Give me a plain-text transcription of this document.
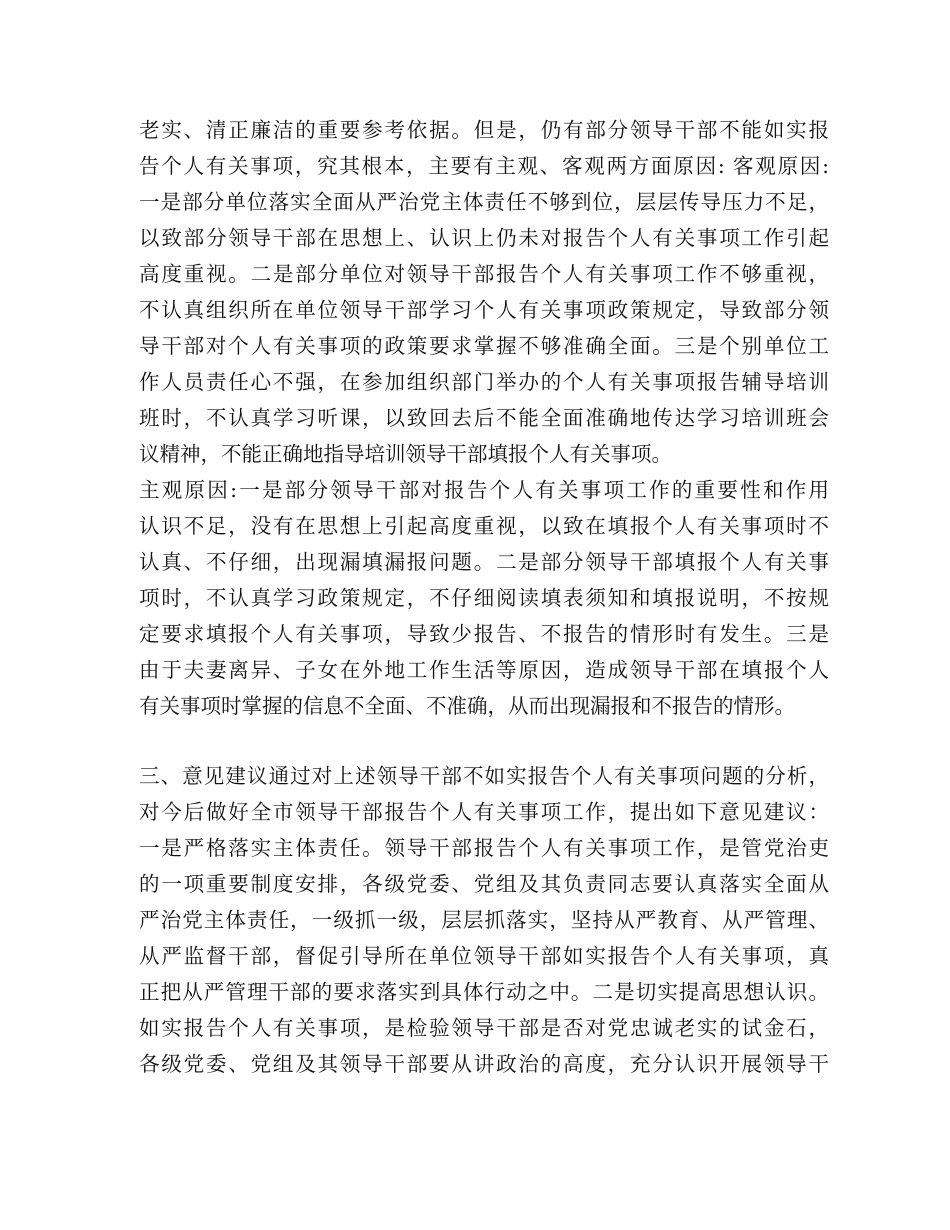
老实、清正廉洁的重要参考依据。但是，仍有部分领导干部不能如实报
告个人有关事项，究其根本，主要有主观、客观两方面原因: 客观原因:
一是部分单位落实全面从严治党主体责任不够到位，层层传导压力不足，
以致部分领导干部在思想上、认识上仍未对报告个人有关事项工作引起
高度重视。二是部分单位对领导干部报告个人有关事项工作不够重视，
不认真组织所在单位领导干部学习个人有关事项政策规定，导致部分领
导干部对个人有关事项的政策要求掌握不够准确全面。三是个别单位工
作人员责任心不强，在参加组织部门举办的个人有关事项报告辅导培训
班时，不认真学习听课，以致回去后不能全面准确地传达学习培训班会
议精神，不能正确地指导培训领导干部填报个人有关事项。
主观原因:一是部分领导干部对报告个人有关事项工作的重要性和作用
认识不足，没有在思想上引起高度重视，以致在填报个人有关事项时不
认真、不仔细，出现漏填漏报问题。二是部分领导干部填报个人有关事
项时，不认真学习政策规定，不仔细阅读填表须知和填报说明，不按规
定要求填报个人有关事项，导致少报告、不报告的情形时有发生。三是
由于夫妻离异、子女在外地工作生活等原因，造成领导干部在填报个人
有关事项时掌握的信息不全面、不准确，从而出现漏报和不报告的情形。
三、意见建议通过对上述领导干部不如实报告个人有关事项问题的分析，
对今后做好全市领导干部报告个人有关事项工作，提出如下意见建议：
一是严格落实主体责任。领导干部报告个人有关事项工作，是管党治吏
的一项重要制度安排，各级党委、党组及其负责同志要认真落实全面从
严治党主体责任，一级抓一级，层层抓落实，坚持从严教育、从严管理、
从严监督干部，督促引导所在单位领导干部如实报告个人有关事项，真
正把从严管理干部的要求落实到具体行动之中。二是切实提高思想认识。
如实报告个人有关事项，是检验领导干部是否对党忠诚老实的试金石，
各级党委、党组及其领导干部要从讲政治的高度，充分认识开展领导干
